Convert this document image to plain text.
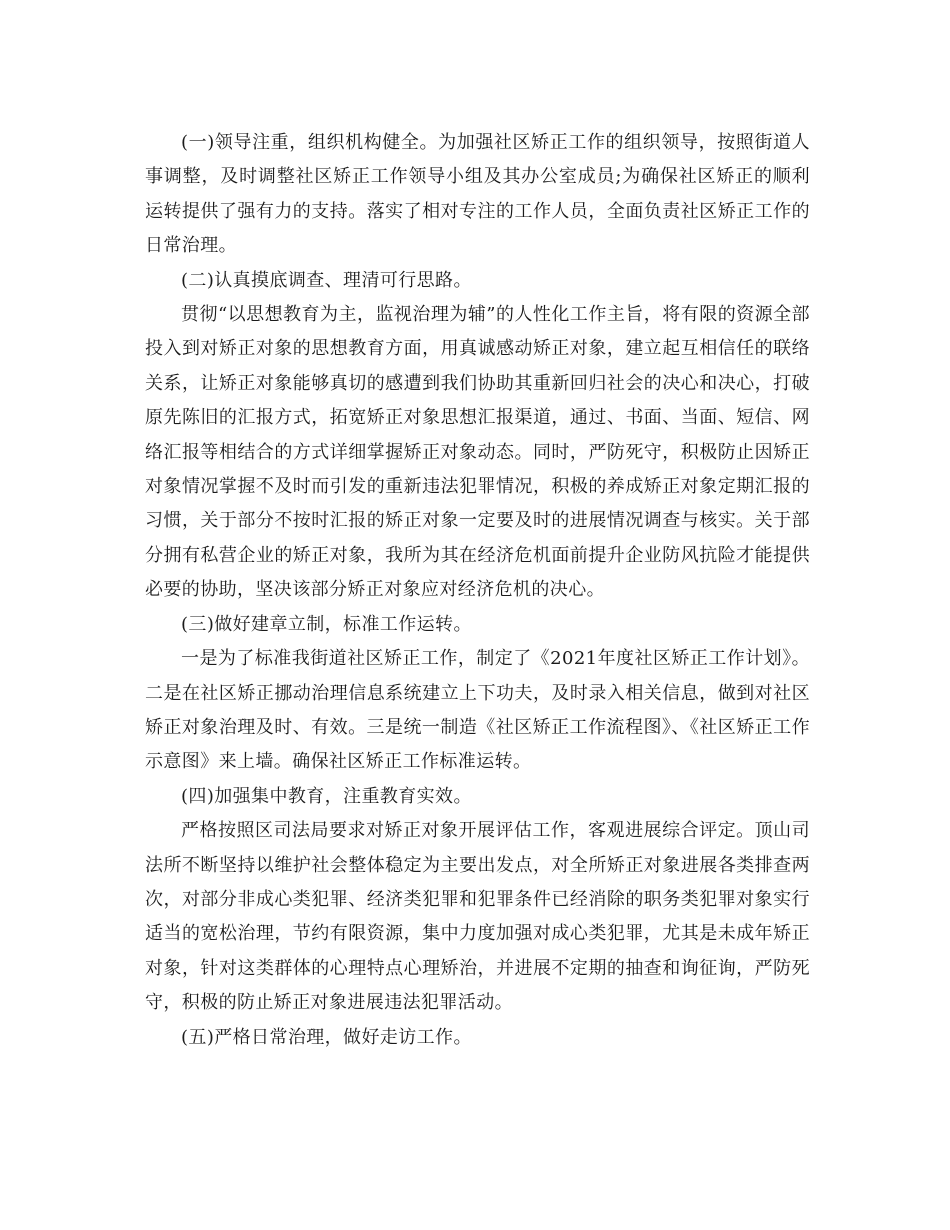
(一)领导注重，组织机构健全。为加强社区矫正工作的组织领导，按照街道人事调整，及时调整社区矫正工作领导小组及其办公室成员;为确保社区矫正的顺利运转提供了强有力的支持。落实了相对专注的工作人员，全面负责社区矫正工作的日常治理。

(二)认真摸底调查、理清可行思路。

贯彻“以思想教育为主，监视治理为辅”的人性化工作主旨，将有限的资源全部投入到对矫正对象的思想教育方面，用真诚感动矫正对象，建立起互相信任的联络关系，让矫正对象能够真切的感遭到我们协助其重新回归社会的决心和决心，打破原先陈旧的汇报方式，拓宽矫正对象思想汇报渠道，通过、书面、当面、短信、网络汇报等相结合的方式详细掌握矫正对象动态。同时，严防死守，积极防止因矫正对象情况掌握不及时而引发的重新违法犯罪情况，积极的养成矫正对象定期汇报的习惯，关于部分不按时汇报的矫正对象一定要及时的进展情况调查与核实。关于部分拥有私营企业的矫正对象，我所为其在经济危机面前提升企业防风抗险才能提供必要的协助，坚决该部分矫正对象应对经济危机的决心。

(三)做好建章立制，标准工作运转。

一是为了标准我街道社区矫正工作，制定了《2021年度社区矫正工作计划》。二是在社区矫正挪动治理信息系统建立上下功夫，及时录入相关信息，做到对社区矫正对象治理及时、有效。三是统一制造《社区矫正工作流程图》、《社区矫正工作示意图》来上墙。确保社区矫正工作标准运转。

(四)加强集中教育，注重教育实效。

严格按照区司法局要求对矫正对象开展评估工作，客观进展综合评定。顶山司法所不断坚持以维护社会整体稳定为主要出发点，对全所矫正对象进展各类排查两次，对部分非成心类犯罪、经济类犯罪和犯罪条件已经消除的职务类犯罪对象实行适当的宽松治理，节约有限资源，集中力度加强对成心类犯罪，尤其是未成年矫正对象，针对这类群体的心理特点心理矫治，并进展不定期的抽查和询征询，严防死守，积极的防止矫正对象进展违法犯罪活动。

(五)严格日常治理，做好走访工作。
